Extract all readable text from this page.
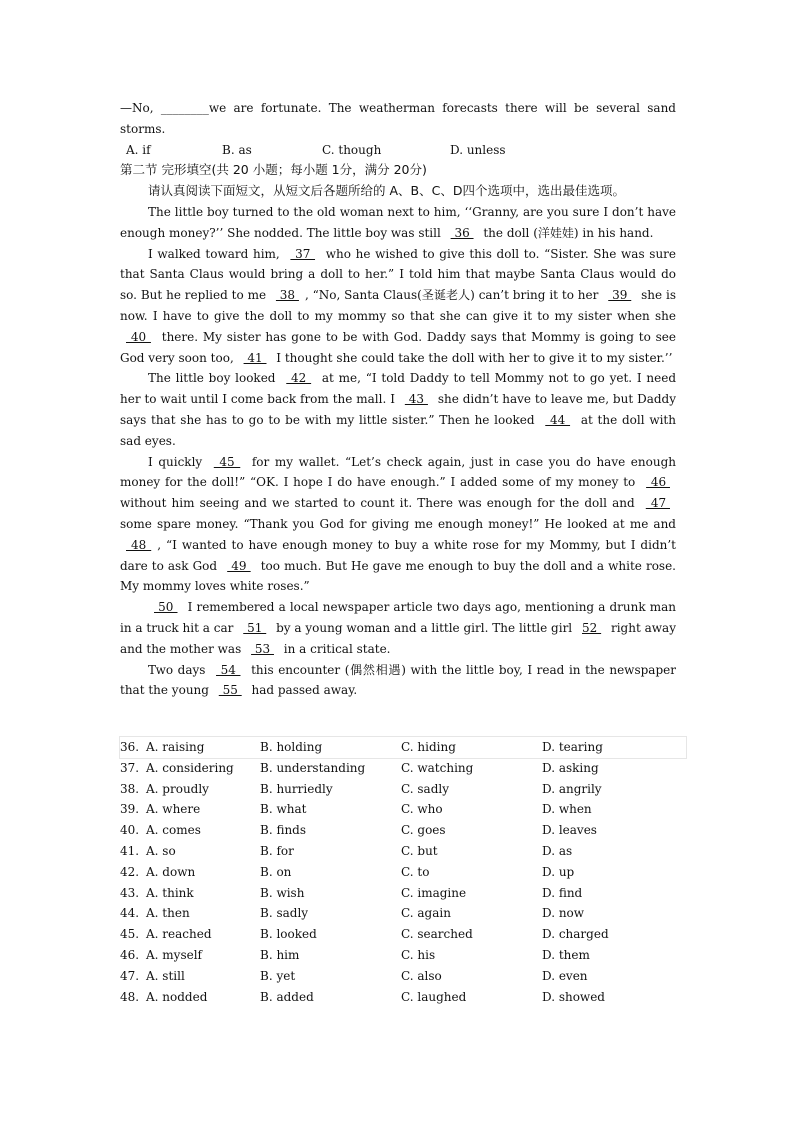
—No, ________we are fortunate. The weatherman forecasts there will be several sand storms.

A. if	B. as	C. though	D. unless

第二节 完形填空(共 20 小题；每小题 1分，满分 20分)

请认真阅读下面短文，从短文后各题所给的 A、B、C、D四个选项中，选出最佳选项。

The little boy turned to the old woman next to him, ‘‘Granny, are you sure I don’t have enough money?’’ She nodded. The little boy was still  36  the doll (洋娃娃) in his hand.

I walked toward him,  37  who he wished to give this doll to. “Sister. She was sure that Santa Claus would bring a doll to her.” I told him that maybe Santa Claus would do so. But he replied to me  38 , “No, Santa Claus(圣诞老人) can’t bring it to her  39  she is now. I have to give the doll to my mommy so that she can give it to my sister when she  40  there. My sister has gone to be with God. Daddy says that Mommy is going to see God very soon too,  41  I thought she could take the doll with her to give it to my sister.’’

The little boy looked  42  at me, “I told Daddy to tell Mommy not to go yet. I need her to wait until I come back from the mall. I  43  she didn’t have to leave me, but Daddy says that she has to go to be with my little sister.” Then he looked  44  at the doll with sad eyes.

I quickly  45  for my wallet. “Let’s check again, just in case you do have enough money for the doll!” “OK. I hope I do have enough.” I added some of my money to  46  without him seeing and we started to count it. There was enough for the doll and  47  some spare money. “Thank you God for giving me enough money!” He looked at me and  48 , “I wanted to have enough money to buy a white rose for my Mommy, but I didn’t dare to ask God  49  too much. But He gave me enough to buy the doll and a white rose. My mommy loves white roses.”

50  I remembered a local newspaper article two days ago, mentioning a drunk man in a truck hit a car  51  by a young woman and a little girl. The little girl 52  right away and the mother was  53  in a critical state.

Two days  54  this encounter (偶然相遇) with the little boy, I read in the newspaper that the young  55  had passed away.

36. A. raising	B. holding	C. hiding	D. tearing
37. A. considering	B. understanding	C. watching	D. asking
38. A. proudly	B. hurriedly	C. sadly	D. angrily
39. A. where	B. what	C. who	D. when
40. A. comes	B. finds	C. goes	D. leaves
41. A. so	B. for	C. but	D. as
42. A. down	B. on	C. to	D. up
43. A. think	B. wish	C. imagine	D. find
44. A. then	B. sadly	C. again	D. now
45. A. reached	B. looked	C. searched	D. charged
46. A. myself	B. him	C. his	D. them
47. A. still	B. yet	C. also	D. even
48. A. nodded	B. added	C. laughed	D. showed
